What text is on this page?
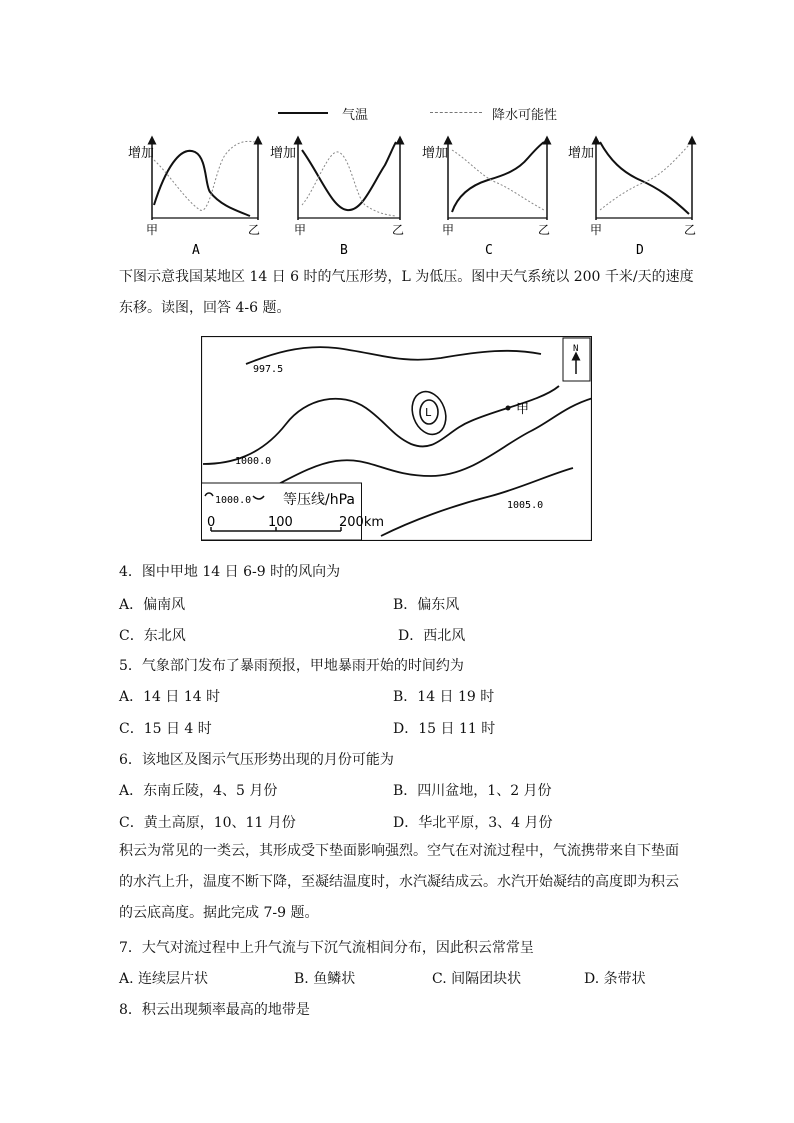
气温	降水可能性
增加
甲	乙
A
增加
甲	乙
B
增加
甲	乙
C
增加
甲	乙
D
下图示意我国某地区 14 日 6 时的气压形势，L 为低压。图中天气系统以 200 千米/天的速度
东移。读图，回答 4-6 题。
L	甲
997.5
1000.0
1005.0
N
1000.0 等压线/hPa
0	100	200km
4．图中甲地 14 日 6-9 时的风向为
A．偏南风	B．偏东风
C．东北风	D．西北风
5．气象部门发布了暴雨预报，甲地暴雨开始的时间约为
A．14 日 14 时	B．14 日 19 时
C．15 日 4 时	D．15 日 11 时
6．该地区及图示气压形势出现的月份可能为
A．东南丘陵，4、5 月份	B．四川盆地，1、2 月份
C．黄土高原，10、11 月份	D．华北平原，3、4 月份
积云为常见的一类云，其形成受下垫面影响强烈。空气在对流过程中，气流携带来自下垫面
的水汽上升，温度不断下降，至凝结温度时，水汽凝结成云。水汽开始凝结的高度即为积云
的云底高度。据此完成 7-9 题。
7．大气对流过程中上升气流与下沉气流相间分布，因此积云常常呈
A. 连续层片状	B. 鱼鳞状	C. 间隔团块状	D. 条带状
8．积云出现频率最高的地带是
